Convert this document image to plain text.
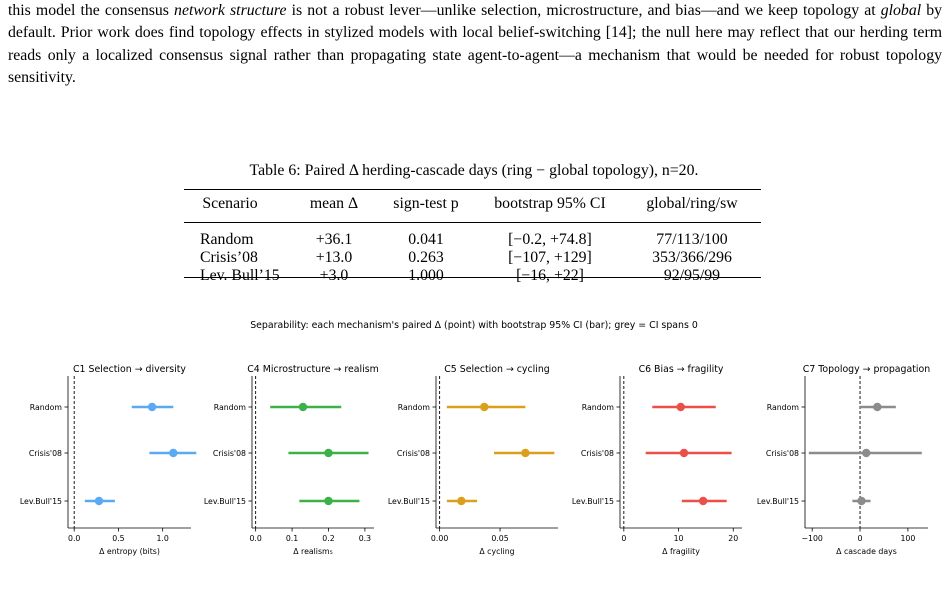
this model the consensus network structure is not a robust lever—unlike selection, microstructure, and bias—and we keep topology at global by default. Prior work does find topology effects in stylized models with local belief-switching [14]; the null here may reflect that our herding term reads only a localized consensus signal rather than propagating state agent-to-agent—a mechanism that would be needed for robust topology sensitivity.
Table 6: Paired Δ herding-cascade days (ring − global topology), n=20.
Scenario	mean Δ	sign-test p	bootstrap 95% CI	global/ring/sw
Random	+36.1	0.041	[−0.2, +74.8]	77/113/100
Crisis’08	+13.0	0.263	[−107, +129]	353/366/296
Lev. Bull’15	+3.0	1.000	[−16, +22]	92/95/99
Separability: each mechanism's paired Δ (point) with bootstrap 95% CI (bar); grey = CI spans 0
C1 Selection → diversity
0.0	0.5	1.0
Δ entropy (bits)
Random
Crisis'08
Lev.Bull'15
C4 Microstructure → realism
0.0	0.1	0.2	0.3
Δ realism₅
Random
Crisis'08
Lev.Bull'15
C5 Selection → cycling
0.00	0.05
Δ cycling
Random
Crisis'08
Lev.Bull'15
C6 Bias → fragility
0	10	20
Δ fragility
Random
Crisis'08
Lev.Bull'15
C7 Topology → propagation
−100	0	100
Δ cascade days
Random
Crisis'08
Lev.Bull'15
